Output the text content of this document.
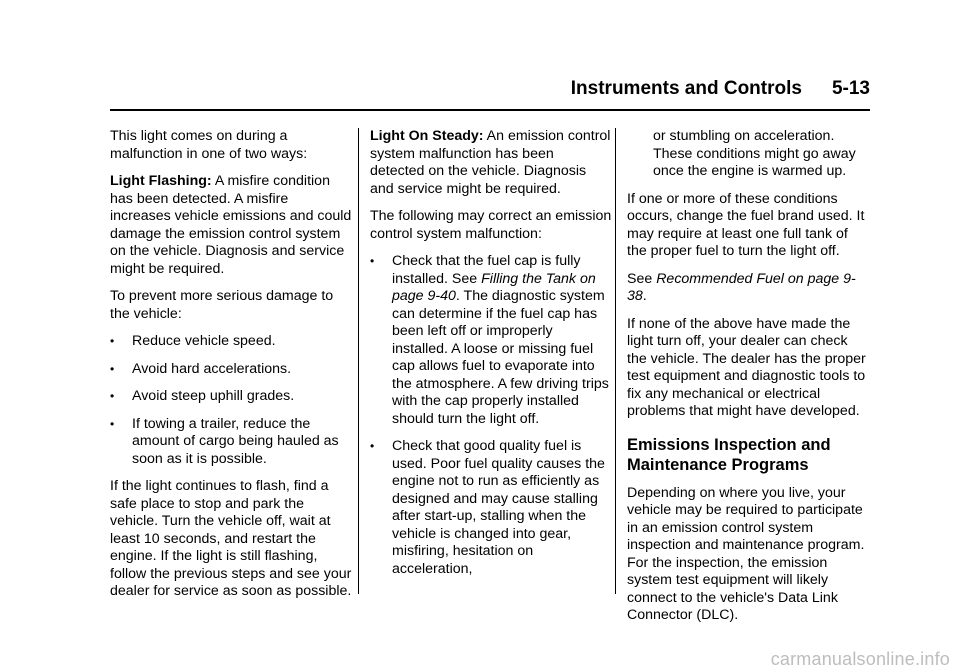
Instruments and Controls 5-13

This light comes on during a malfunction in one of two ways:

Light Flashing: A misfire condition has been detected. A misfire increases vehicle emissions and could damage the emission control system on the vehicle. Diagnosis and service might be required.

To prevent more serious damage to the vehicle:

•	Reduce vehicle speed.
•	Avoid hard accelerations.
•	Avoid steep uphill grades.
•	If towing a trailer, reduce the amount of cargo being hauled as soon as it is possible.

If the light continues to flash, find a safe place to stop and park the vehicle. Turn the vehicle off, wait at least 10 seconds, and restart the engine. If the light is still flashing, follow the previous steps and see your dealer for service as soon as possible.

Light On Steady: An emission control system malfunction has been detected on the vehicle. Diagnosis and service might be required.

The following may correct an emission control system malfunction:

•	Check that the fuel cap is fully installed. See Filling the Tank on page 9-40. The diagnostic system can determine if the fuel cap has been left off or improperly installed. A loose or missing fuel cap allows fuel to evaporate into the atmosphere. A few driving trips with the cap properly installed should turn the light off.
•	Check that good quality fuel is used. Poor fuel quality causes the engine not to run as efficiently as designed and may cause stalling after start-up, stalling when the vehicle is changed into gear, misfiring, hesitation on acceleration,
or stumbling on acceleration. These conditions might go away once the engine is warmed up.

If one or more of these conditions occurs, change the fuel brand used. It may require at least one full tank of the proper fuel to turn the light off.

See Recommended Fuel on page 9-38.

If none of the above have made the light turn off, your dealer can check the vehicle. The dealer has the proper test equipment and diagnostic tools to fix any mechanical or electrical problems that might have developed.

Emissions Inspection and Maintenance Programs

Depending on where you live, your vehicle may be required to participate in an emission control system inspection and maintenance program. For the inspection, the emission system test equipment will likely connect to the vehicle's Data Link Connector (DLC).

carmanualsonline.info
